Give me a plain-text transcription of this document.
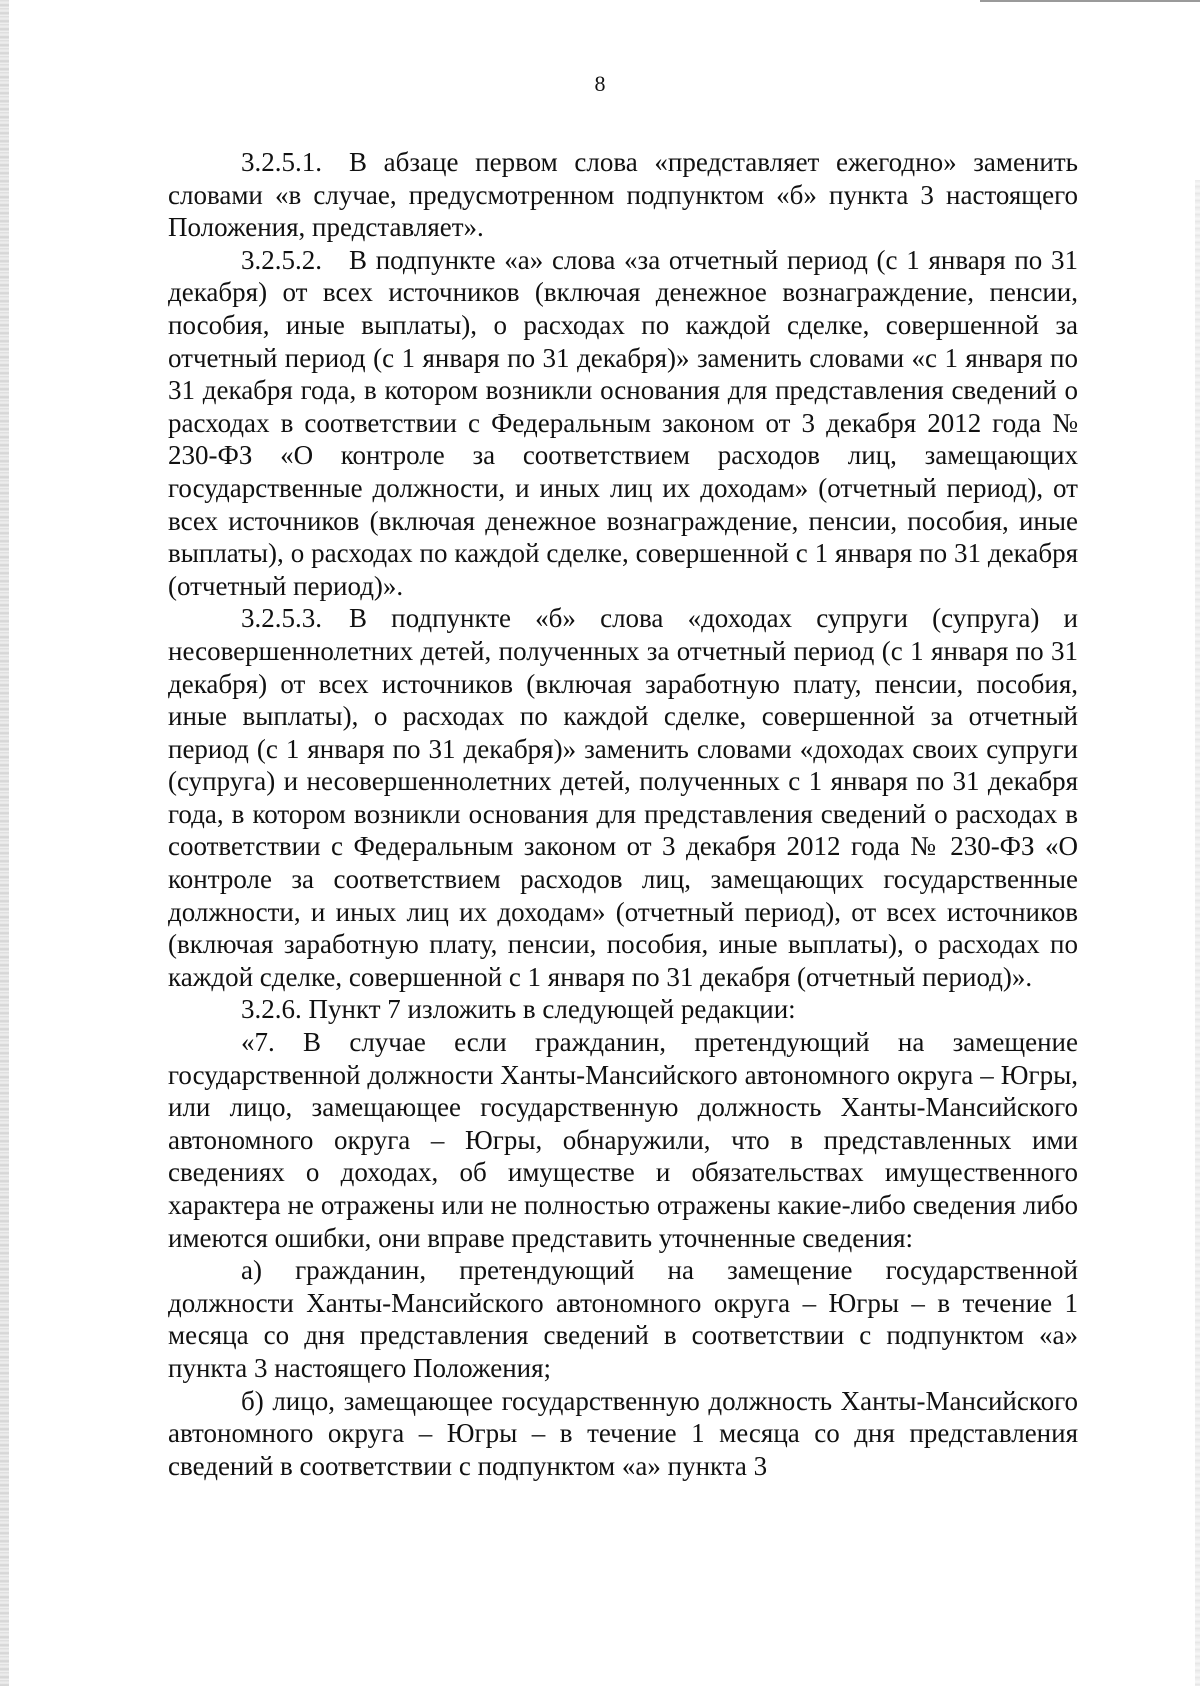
8

3.2.5.1. В абзаце первом слова «представляет ежегодно» заменить словами «в случае, предусмотренном подпунктом «б» пункта 3 настоящего Положения, представляет».

3.2.5.2. В подпункте «а» слова «за отчетный период (с 1 января по 31 декабря) от всех источников (включая денежное вознаграждение, пенсии, пособия, иные выплаты), о расходах по каждой сделке, совершенной за отчетный период (с 1 января по 31 декабря)» заменить словами «с 1 января по 31 декабря года, в котором возникли основания для представления сведений о расходах в соответствии с Федеральным законом от 3 декабря 2012 года № 230-ФЗ «О контроле за соответствием расходов лиц, замещающих государственные должности, и иных лиц их доходам» (отчетный период), от всех источников (включая денежное вознаграждение, пенсии, пособия, иные выплаты), о расходах по каждой сделке, совершенной с 1 января по 31 декабря (отчетный период)».

3.2.5.3. В подпункте «б» слова «доходах супруги (супруга) и несовершеннолетних детей, полученных за отчетный период (с 1 января по 31 декабря) от всех источников (включая заработную плату, пенсии, пособия, иные выплаты), о расходах по каждой сделке, совершенной за отчетный период (с 1 января по 31 декабря)» заменить словами «доходах своих супруги (супруга) и несовершеннолетних детей, полученных с 1 января по 31 декабря года, в котором возникли основания для представления сведений о расходах в соответствии с Федеральным законом от 3 декабря 2012 года № 230-ФЗ «О контроле за соответствием расходов лиц, замещающих государственные должности, и иных лиц их доходам» (отчетный период), от всех источников (включая заработную плату, пенсии, пособия, иные выплаты), о расходах по каждой сделке, совершенной с 1 января по 31 декабря (отчетный период)».

3.2.6. Пункт 7 изложить в следующей редакции:

«7. В случае если гражданин, претендующий на замещение государственной должности Ханты-Мансийского автономного округа – Югры, или лицо, замещающее государственную должность Ханты-Мансийского автономного округа – Югры, обнаружили, что в представленных ими сведениях о доходах, об имуществе и обязательствах имущественного характера не отражены или не полностью отражены какие-либо сведения либо имеются ошибки, они вправе представить уточненные сведения:

а) гражданин, претендующий на замещение государственной должности Ханты-Мансийского автономного округа – Югры – в течение 1 месяца со дня представления сведений в соответствии с подпунктом «а» пункта 3 настоящего Положения;

б) лицо, замещающее государственную должность Ханты-Мансийского автономного округа – Югры – в течение 1 месяца со дня представления сведений в соответствии с подпунктом «а» пункта 3
